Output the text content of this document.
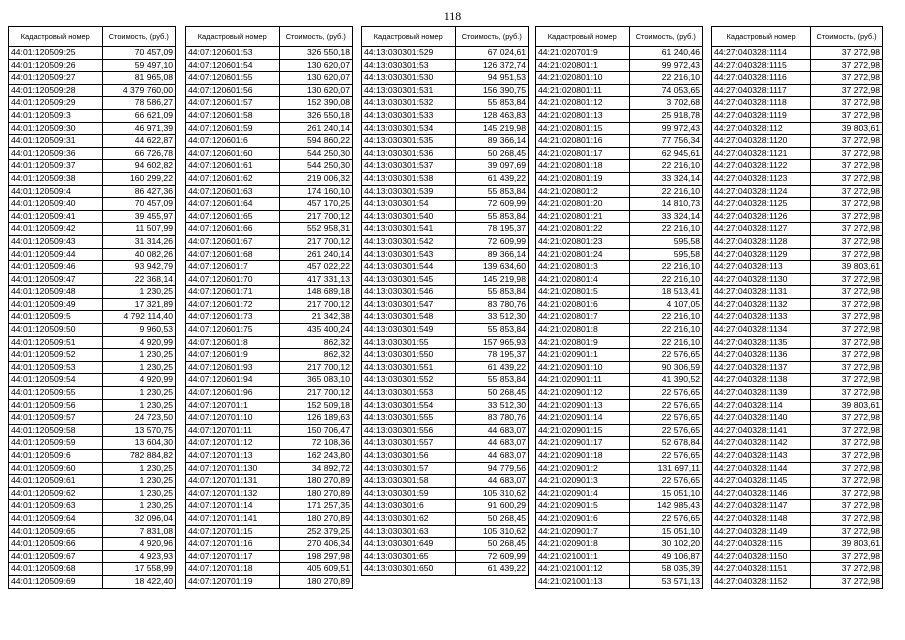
118
Кадастровый номер	Стоимость, (руб.)
44:01:120509:25	70 457,09
44:01:120509:26	59 497,10
44:01:120509:27	81 965,08
44:01:120509:28	4 379 760,00
44:01:120509:29	78 586,27
44:01:120509:3	66 621,09
44:01:120509:30	46 971,39
44:01:120509:31	44 622,87
44:01:120509:36	66 726,78
44:01:120509:37	94 602,82
44:01:120509:38	160 299,22
44:01:120509:4	86 427,36
44:01:120509:40	70 457,09
44:01:120509:41	39 455,97
44:01:120509:42	11 507,99
44:01:120509:43	31 314,26
44:01:120509:44	40 082,26
44:01:120509:46	93 942,79
44:01:120509:47	22 368,14
44:01:120509:48	1 230,25
44:01:120509:49	17 321,89
44:01:120509:5	4 792 114,40
44:01:120509:50	9 960,53
44:01:120509:51	4 920,99
44:01:120509:52	1 230,25
44:01:120509:53	1 230,25
44:01:120509:54	4 920,99
44:01:120509:55	1 230,25
44:01:120509:56	1 230,25
44:01:120509:57	24 723,50
44:01:120509:58	13 570,75
44:01:120509:59	13 604,30
44:01:120509:6	782 884,82
44:01:120509:60	1 230,25
44:01:120509:61	1 230,25
44:01:120509:62	1 230,25
44:01:120509:63	1 230,25
44:01:120509:64	32 096,04
44:01:120509:65	7 831,08
44:01:120509:66	4 920,96
44:01:120509:67	4 923,93
44:01:120509:68	17 558,99
44:01:120509:69	18 422,40
Кадастровый номер	Стоимость, (руб.)
44:07:120601:53	326 550,18
44:07:120601:54	130 620,07
44:07:120601:55	130 620,07
44:07:120601:56	130 620,07
44:07:120601:57	152 390,08
44:07:120601:58	326 550,18
44:07:120601:59	261 240,14
44:07:120601:6	594 860,22
44:07:120601:60	544 250,30
44:07:120601:61	544 250,30
44:07:120601:62	219 006,32
44:07:120601:63	174 160,10
44:07:120601:64	457 170,25
44:07:120601:65	217 700,12
44:07:120601:66	552 958,31
44:07:120601:67	217 700,12
44:07:120601:68	261 240,14
44:07:120601:7	457 022,22
44:07:120601:70	417 331,13
44:07:120601:71	148 689,18
44:07:120601:72	217 700,12
44:07:120601:73	21 342,38
44:07:120601:75	435 400,24
44:07:120601:8	862,32
44:07:120601:9	862,32
44:07:120601:93	217 700,12
44:07:120601:94	365 083,10
44:07:120601:96	217 700,12
44:07:120701:1	152 509,18
44:07:120701:10	126 189,63
44:07:120701:11	150 706,47
44:07:120701:12	72 108,36
44:07:120701:13	162 243,80
44:07:120701:130	34 892,72
44:07:120701:131	180 270,89
44:07:120701:132	180 270,89
44:07:120701:14	171 257,35
44:07:120701:141	180 270,89
44:07:120701:15	252 379,25
44:07:120701:16	270 406,34
44:07:120701:17	198 297,98
44:07:120701:18	405 609,51
44:07:120701:19	180 270,89
Кадастровый номер	Стоимость, (руб.)
44:13:030301:529	67 024,61
44:13:030301:53	126 372,74
44:13:030301:530	94 951,53
44:13:030301:531	156 390,75
44:13:030301:532	55 853,84
44:13:030301:533	128 463,83
44:13:030301:534	145 219,98
44:13:030301:535	89 366,14
44:13:030301:536	50 268,45
44:13:030301:537	39 097,69
44:13:030301:538	61 439,22
44:13:030301:539	55 853,84
44:13:030301:54	72 609,99
44:13:030301:540	55 853,84
44:13:030301:541	78 195,37
44:13:030301:542	72 609,99
44:13:030301:543	89 366,14
44:13:030301:544	139 634,60
44:13:030301:545	145 219,98
44:13:030301:546	55 853,84
44:13:030301:547	83 780,76
44:13:030301:548	33 512,30
44:13:030301:549	55 853,84
44:13:030301:55	157 965,93
44:13:030301:550	78 195,37
44:13:030301:551	61 439,22
44:13:030301:552	55 853,84
44:13:030301:553	50 268,45
44:13:030301:554	33 512,30
44:13:030301:555	83 780,76
44:13:030301:556	44 683,07
44:13:030301:557	44 683,07
44:13:030301:56	44 683,07
44:13:030301:57	94 779,56
44:13:030301:58	44 683,07
44:13:030301:59	105 310,62
44:13:030301:6	91 600,29
44:13:030301:62	50 268,45
44:13:030301:63	105 310,62
44:13:030301:649	50 268,45
44:13:030301:65	72 609,99
44:13:030301:650	61 439,22
Кадастровый номер	Стоимость, (руб.)
44:21:020701:9	61 240,46
44:21:020801:1	99 972,43
44:21:020801:10	22 216,10
44:21:020801:11	74 053,65
44:21:020801:12	3 702,68
44:21:020801:13	25 918,78
44:21:020801:15	99 972,43
44:21:020801:16	77 756,34
44:21:020801:17	62 945,61
44:21:020801:18	22 216,10
44:21:020801:19	33 324,14
44:21:020801:2	22 216,10
44:21:020801:20	14 810,73
44:21:020801:21	33 324,14
44:21:020801:22	22 216,10
44:21:020801:23	595,58
44:21:020801:24	595,58
44:21:020801:3	22 216,10
44:21:020801:4	22 216,10
44:21:020801:5	18 513,41
44:21:020801:6	4 107,05
44:21:020801:7	22 216,10
44:21:020801:8	22 216,10
44:21:020801:9	22 216,10
44:21:020901:1	22 576,65
44:21:020901:10	90 306,59
44:21:020901:11	41 390,52
44:21:020901:12	22 576,65
44:21:020901:13	22 576,65
44:21:020901:14	22 576,65
44:21:020901:15	22 576,65
44:21:020901:17	52 678,84
44:21:020901:18	22 576,65
44:21:020901:2	131 697,11
44:21:020901:3	22 576,65
44:21:020901:4	15 051,10
44:21:020901:5	142 985,43
44:21:020901:6	22 576,65
44:21:020901:7	15 051,10
44:21:020901:8	30 102,20
44:21:021001:1	49 106,87
44:21:021001:12	58 035,39
44:21:021001:13	53 571,13
Кадастровый номер	Стоимость, (руб.)
44:27:040328:1114	37 272,98
44:27:040328:1115	37 272,98
44:27:040328:1116	37 272,98
44:27:040328:1117	37 272,98
44:27:040328:1118	37 272,98
44:27:040328:1119	37 272,98
44:27:040328:112	39 803,61
44:27:040328:1120	37 272,98
44:27:040328:1121	37 272,98
44:27:040328:1122	37 272,98
44:27:040328:1123	37 272,98
44:27:040328:1124	37 272,98
44:27:040328:1125	37 272,98
44:27:040328:1126	37 272,98
44:27:040328:1127	37 272,98
44:27:040328:1128	37 272,98
44:27:040328:1129	37 272,98
44:27:040328:113	39 803,61
44:27:040328:1130	37 272,98
44:27:040328:1131	37 272,98
44:27:040328:1132	37 272,98
44:27:040328:1133	37 272,98
44:27:040328:1134	37 272,98
44:27:040328:1135	37 272,98
44:27:040328:1136	37 272,98
44:27:040328:1137	37 272,98
44:27:040328:1138	37 272,98
44:27:040328:1139	37 272,98
44:27:040328:114	39 803,61
44:27:040328:1140	37 272,98
44:27:040328:1141	37 272,98
44:27:040328:1142	37 272,98
44:27:040328:1143	37 272,98
44:27:040328:1144	37 272,98
44:27:040328:1145	37 272,98
44:27:040328:1146	37 272,98
44:27:040328:1147	37 272,98
44:27:040328:1148	37 272,98
44:27:040328:1149	37 272,98
44:27:040328:115	39 803,61
44:27:040328:1150	37 272,98
44:27:040328:1151	37 272,98
44:27:040328:1152	37 272,98
